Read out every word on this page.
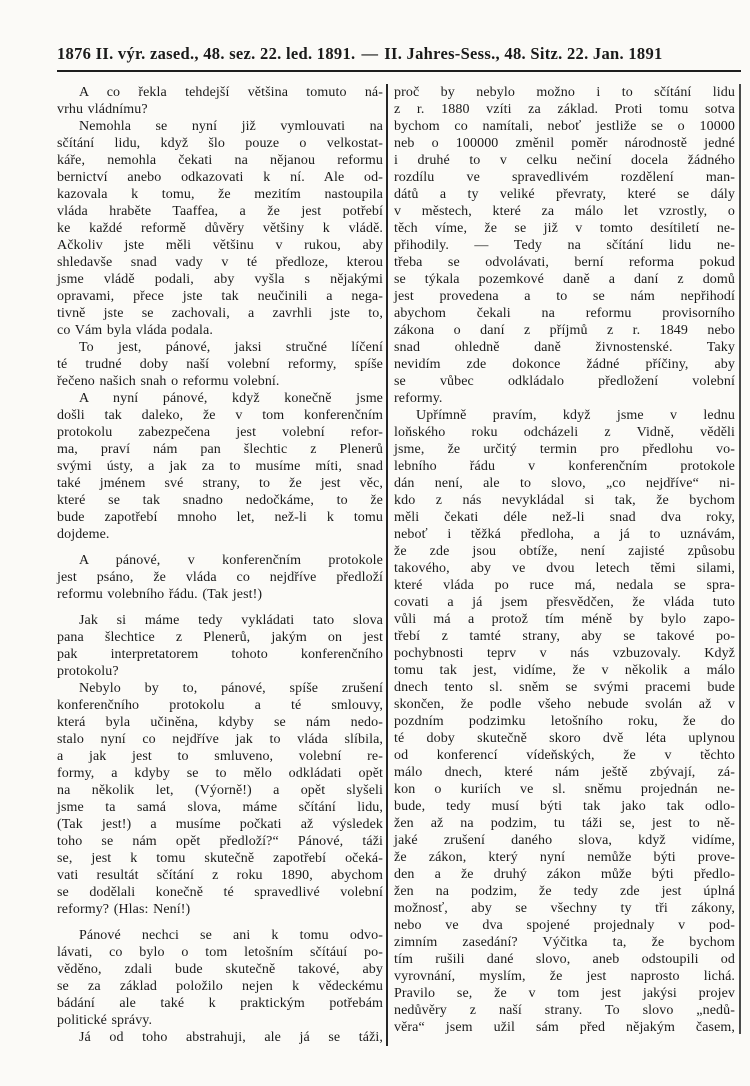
1876 II. výr. zased., 48. sez. 22. led. 1891. — II. Jahres-Sess., 48. Sitz. 22. Jan. 1891

A co řekla tehdejší většina tomuto ná-
vrhu vládnímu?

Nemohla se nyní již vymlouvati na
sčítání lidu, když šlo pouze o velkostat-
káře, nemohla čekati na nějanou reformu
bernictví anebo odkazovati k ní. Ale od-
kazovala k tomu, že mezitím nastoupila
vláda hraběte Taaffea, a že jest potřebí
ke každé reformě důvěry většiny k vládě.
Ačkoliv jste měli většinu v rukou, aby
shledavše snad vady v té předloze, kterou
jsme vládě podali, aby vyšla s nějakými
opravami, přece jste tak neučinili a nega-
tivně jste se zachovali, a zavrhli jste to,
co Vám byla vláda podala.

To jest, pánové, jaksi stručné líčení
té trudné doby naší volební reformy, spíše
řečeno našich snah o reformu volební.

A nyní pánové, když konečně jsme
došli tak daleko, že v tom konferenčním
protokolu zabezpečena jest volební refor-
ma, praví nám pan šlechtic z Plenerů
svými ústy, a jak za to musíme míti, snad
také jménem své strany, to že jest věc,
které se tak snadno nedočkáme, to že
bude zapotřebí mnoho let, než-li k tomu
dojdeme.

A pánové, v konferenčním protokole
jest psáno, že vláda co nejdříve předloží
reformu volebního řádu. (Tak jest!)

Jak si máme tedy vykládati tato slova
pana šlechtice z Plenerů, jakým on jest
pak interpretatorem tohoto konferenčního
protokolu?

Nebylo by to, pánové, spíše zrušení
konferenčního protokolu a té smlouvy,
která byla učiněna, kdyby se nám nedo-
stalo nyní co nejdříve jak to vláda slíbila,
a jak jest to smluveno, volební re-
formy, a kdyby se to mělo odkládati opět
na několik let, (Výorně!) a opět slyšeli
jsme ta samá slova, máme sčítání lidu,
(Tak jest!) a musíme počkati až výsledek
toho se nám opět předloží?“ Pánové, táži
se, jest k tomu skutečně zapotřebí očeká-
vati resultát sčítání z roku 1890, abychom
se dodělali konečně té spravedlivé volební
reformy? (Hlas: Není!)

Pánové nechci se ani k tomu odvo-
lávati, co bylo o tom letošním sčítáuí po-
věděno, zdali bude skutečně takové, aby
se za základ položilo nejen k vědeckému
bádání ale také k praktickým potřebám
politické správy.

Já od toho abstrahuji, ale já se táži,

proč by nebylo možno i to sčítání lidu
z r. 1880 vzíti za základ. Proti tomu sotva
bychom co namítali, neboť jestliže se o 10000
neb o 100000 změnil poměr národnostě jedné
i druhé to v celku nečiní docela žádného
rozdílu ve spravedlivém rozdělení man-
dátů a ty veliké převraty, které se dály
v městech, které za málo let vzrostly, o
těch víme, že se již v tomto desítiletí ne-
přihodily. — Tedy na sčítání lidu ne-
třeba se odvolávati, berní reforma pokud
se týkala pozemkové daně a daní z domů
jest provedena a to se nám nepřihodí
abychom čekali na reformu provisorního
zákona o daní z příjmů z r. 1849 nebo
snad ohledně daně živnostenské. Taky
nevidím zde dokonce žádné příčiny, aby
se vůbec odkládalo předložení volební
reformy.

Upřímně pravím, když jsme v lednu
loňského roku odcházeli z Vidně, věděli
jsme, že určitý termin pro předlohu vo-
lebního řádu v konferenčním protokole
dán není, ale to slovo, „co nejdříve“ ni-
kdo z nás nevykládal si tak, že bychom
měli čekati déle než-li snad dva roky,
neboť i těžká předloha, a já to uznávám,
že zde jsou obtíže, není zajisté způsobu
takového, aby ve dvou letech těmi silami,
které vláda po ruce má, nedala se spra-
covati a já jsem přesvědčen, že vláda tuto
vůli má a protož tím méně by bylo zapo-
třebí z tamté strany, aby se takové po-
pochybnosti teprv v nás vzbuzovaly. Když
tomu tak jest, vidíme, že v několik a málo
dnech tento sl. sněm se svými pracemi bude
skončen, že podle všeho nebude svolán až v
pozdním podzimku letošního roku, že do
té doby skutečně skoro dvě léta uplynou
od konferencí vídeňských, že v těchto
málo dnech, které nám ještě zbývají, zá-
kon o kuriích ve sl. sněmu projednán ne-
bude, tedy musí býti tak jako tak odlo-
žen až na podzim, tu táži se, jest to ně-
jaké zrušení daného slova, když vidíme,
že zákon, který nyní nemůže býti prove-
den a že druhý zákon může býti předlo-
žen na podzim, že tedy zde jest úplná
možnosť, aby se všechny ty tři zákony,
nebo ve dva spojené projednaly v pod-
zimním zasedání? Výčitka ta, že bychom
tím rušili dané slovo, aneb odstoupili od
vyrovnání, myslím, že jest naprosto lichá.
Pravilo se, že v tom jest jakýsi projev
nedůvěry z naší strany. To slovo „nedů-
věra“ jsem užil sám před nějakým časem,
